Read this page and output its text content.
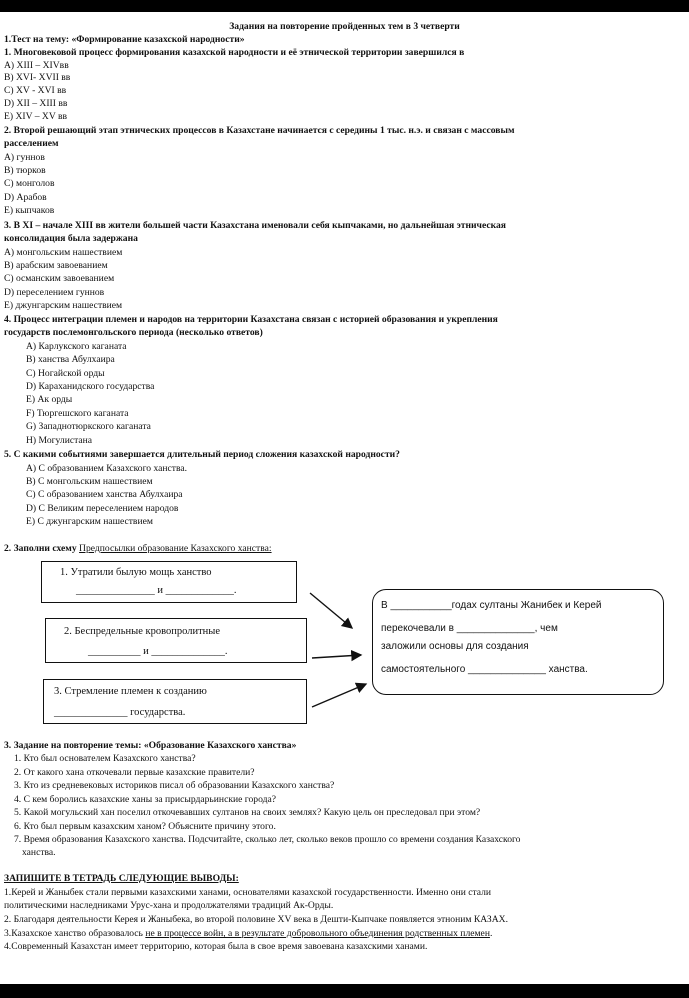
Задания на повторение пройденных тем в 3 четверти
1.Тест на тему: «Формирование казахской народности»
1. Многовековой процесс формирования казахской народности и её этнической территории завершился в
A) XIII – XIVвв
B) XVI- XVII вв
C) XV - XVI вв
D) XII – XIII вв
E) XIV – XV вв
2. Второй решающий этап этнических процессов в Казахстане начинается с середины 1 тыс. н.э. и связан с массовым
расселением
A) гуннов
B) тюрков
C) монголов
D) Арабов
E) кыпчаков
3. В XI – начале XIII вв жители большей части Казахстана именовали себя кыпчаками, но дальнейшая этническая
консолидация была задержана
A) монгольским нашествием
B) арабским завоеванием
C) османским завоеванием
D) переселением гуннов
E) джунгарским нашествием
4. Процесс интеграции племен и народов на территории Казахстана связан с историей образования и укрепления
государств послемонгольского периода (несколько ответов)
A) Карлукского каганата
B) ханства Абулхаира
C) Ногайской орды
D) Караханидского государства
E) Ак орды
F) Тюргешского каганата
G) Западнотюркского каганата
H) Могулистана
5. С какими событиями завершается длительный период сложения казахской народности?
A) С образованием Казахского ханства.
B) С монгольским нашествием
C) С образованием ханства Абулхаира
D) С Великим переселением народов
E) С джунгарским нашествием
2. Заполни схему Предпосылки образование Казахского ханства:
1. Утратили былую мощь ханство
_______________ и _____________.
2. Беспредельные кровопролитные
__________ и ______________.
3. Стремление племен к созданию
______________ государства.
В ___________годах султаны Жанибек и Керей
перекочевали в ______________, чем
заложили основы для создания
самостоятельного ______________ ханства.
3. Задание на повторение темы: «Образование Казахского ханства»
1. Кто был основателем Казахского ханства?
2. От какого хана откочевали первые казахские правители?
3. Кто из средневековых историков писал об образовании Казахского ханства?
4. С кем боролись казахские ханы за присырдарьинские города?
5. Какой могульский хан поселил откочевавших султанов на своих землях? Какую цель он преследовал при этом?
6. Кто был первым казахским ханом? Объясните причину этого.
7. Время образования Казахского ханства. Подсчитайте, сколько лет, сколько веков прошло со времени создания Казахского
ханства.
ЗАПИШИТЕ В ТЕТРАДЬ СЛЕДУЮЩИЕ ВЫВОДЫ:
1.Керей и Жаныбек стали первыми казахскими ханами, основателями казахской государственности. Именно они стали
политическими наследниками Урус-хана и продолжателями традиций Ак-Орды.
2. Благодаря деятельности Керея и Жаныбека, во второй половине XV века в Дешти-Кыпчаке появляется этноним КАЗАХ.
3.Казахское ханство образовалось не в процессе войн, а в результате добровольного объединения родственных племен.
4.Современный Казахстан имеет территорию, которая была в свое время завоевана казахскими ханами.
